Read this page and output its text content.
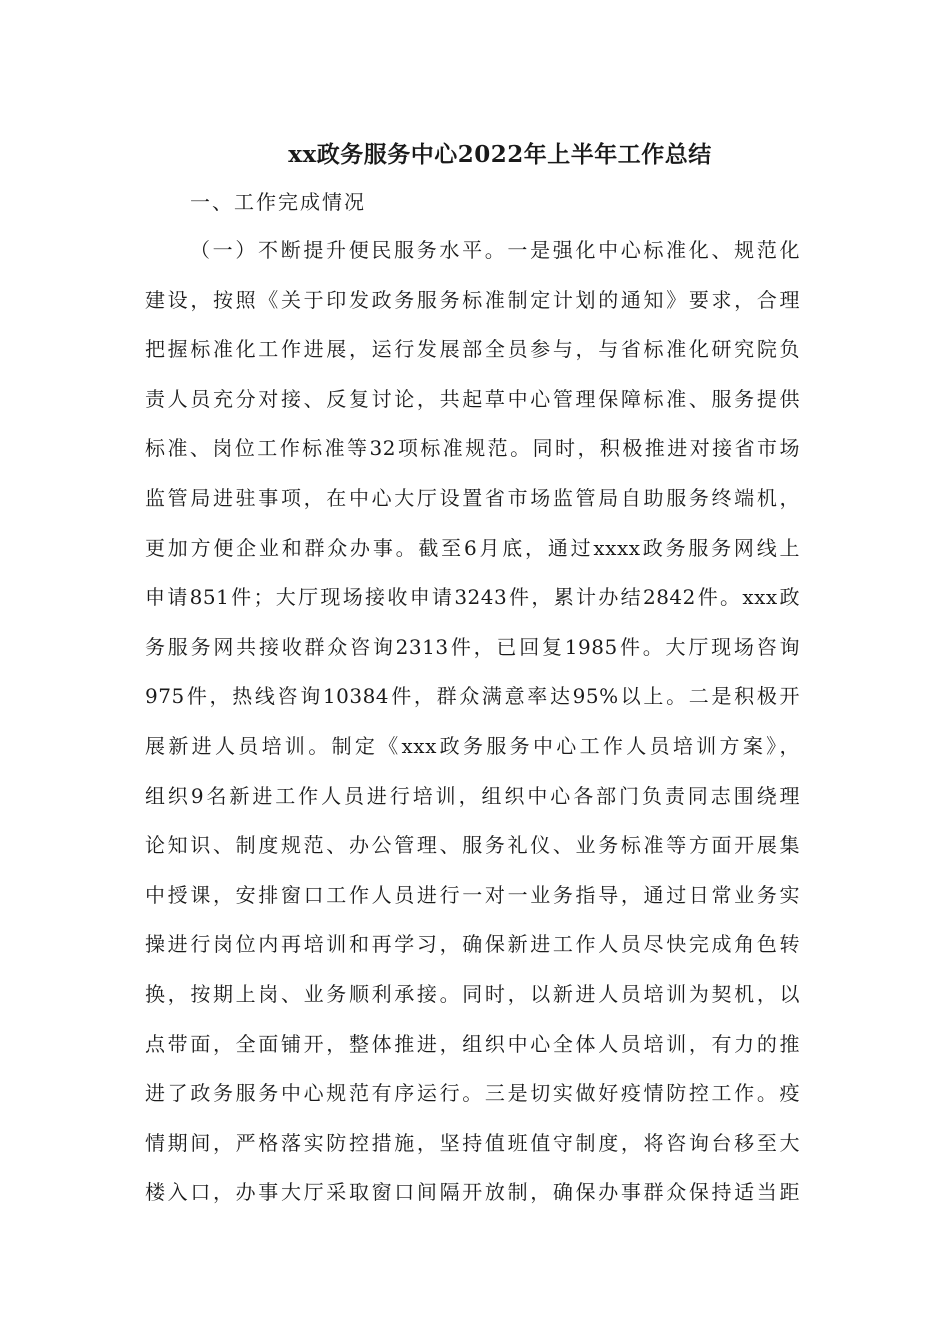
xx政务服务中心2022年上半年工作总结

一、工作完成情况

（一）不断提升便民服务水平。一是强化中心标准化、规范化
建设，按照《关于印发政务服务标准制定计划的通知》要求，合理
把握标准化工作进展，运行发展部全员参与，与省标准化研究院负
责人员充分对接、反复讨论，共起草中心管理保障标准、服务提供
标准、岗位工作标准等32项标准规范。同时，积极推进对接省市场
监管局进驻事项，在中心大厅设置省市场监管局自助服务终端机，
更加方便企业和群众办事。截至6月底，通过xxxx政务服务网线上
申请851件；大厅现场接收申请3243件，累计办结2842件。xxx政
务服务网共接收群众咨询2313件，已回复1985件。大厅现场咨询
975件，热线咨询10384件，群众满意率达95%以上。二是积极开
展新进人员培训。制定《xxx政务服务中心工作人员培训方案》，
组织9名新进工作人员进行培训，组织中心各部门负责同志围绕理
论知识、制度规范、办公管理、服务礼仪、业务标准等方面开展集
中授课，安排窗口工作人员进行一对一业务指导，通过日常业务实
操进行岗位内再培训和再学习，确保新进工作人员尽快完成角色转
换，按期上岗、业务顺利承接。同时，以新进人员培训为契机，以
点带面，全面铺开，整体推进，组织中心全体人员培训，有力的推
进了政务服务中心规范有序运行。三是切实做好疫情防控工作。疫
情期间，严格落实防控措施，坚持值班值守制度，将咨询台移至大
楼入口，办事大厅采取窗口间隔开放制，确保办事群众保持适当距
